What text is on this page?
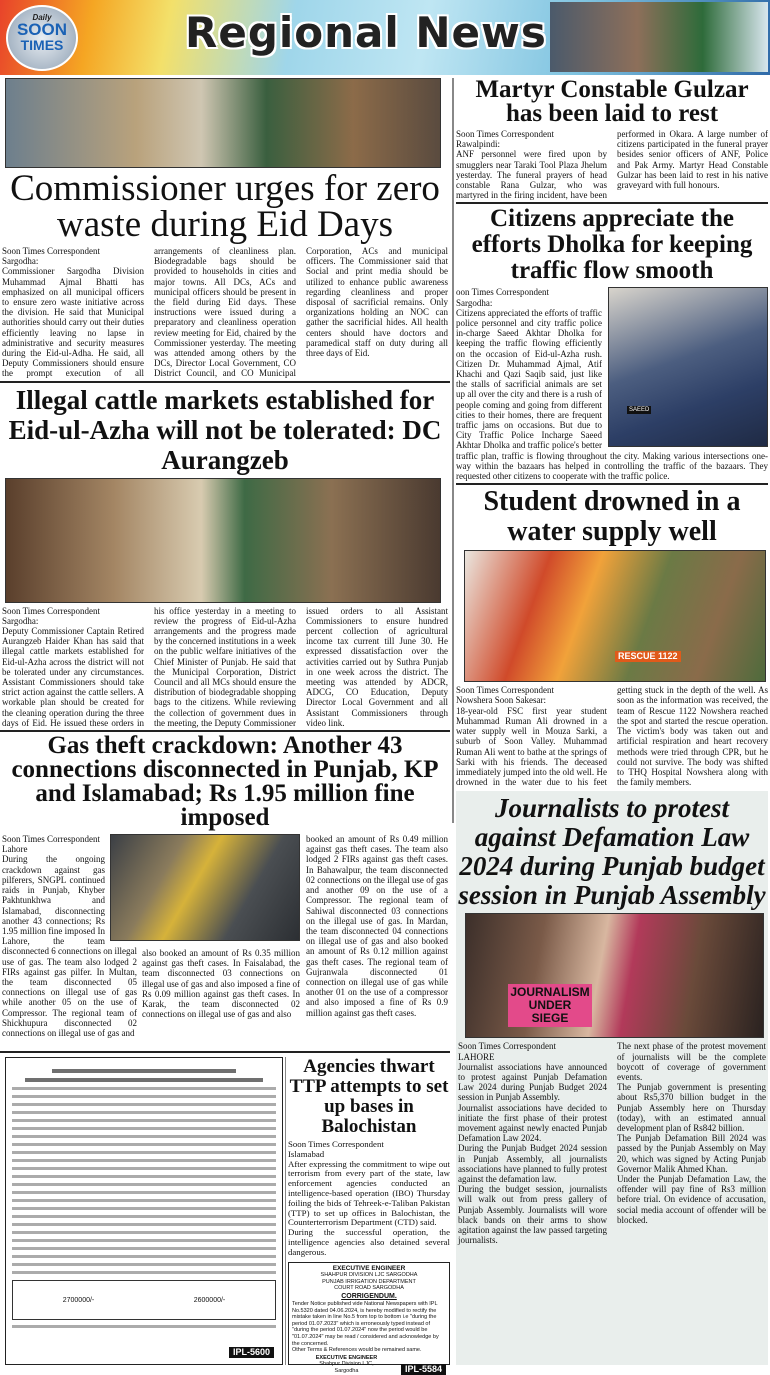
Daily
SOON
TIMES	Regional News
Commissioner urges for zero waste during Eid Days
Soon Times Correspondent
Sargodha:
Commissioner Sargodha Division Muhammad Ajmal Bhatti has emphasized on all municipal officers to ensure zero waste initiative across the division. He said that Municipal authorities should carry out their duties efficiently leaving no lapse in administrative and security measures during the Eid-ul-Adha. He said, all Deputy Commissioners should ensure the prompt execution of all arrangements of cleanliness plan. Biodegradable bags should be provided to households in cities and major towns. All DCs, ACs and municipal officers should be present in the field during Eid days. These instructions were issued during a preparatory and cleanliness operation review meeting for Eid, chaired by the Commissioner yesterday. The meeting was attended among others by the DCs, Director Local Government, CO District Council, and CO Municipal Corporation, ACs and municipal officers. The Commissioner said that Social and print media should be utilized to enhance public awareness regarding cleanliness and proper disposal of sacrificial remains. Only organizations holding an NOC can gather the sacrificial hides. All health centers should have doctors and paramedical staff on duty during all three days of Eid.
Illegal cattle markets established for Eid-ul-Azha will not be tolerated: DC Aurangzeb
Soon Times Correspondent
Sargodha:
Deputy Commissioner Captain Retired Aurangzeb Haider Khan has said that illegal cattle markets established for Eid-ul-Azha across the district will not be tolerated under any circumstances. Assistant Commissioners should take strict action against the cattle sellers. A workable plan should be created for the cleaning operation during the three days of Eid. He issued these orders in his office yesterday in a meeting to review the progress of Eid-ul-Azha arrangements and the progress made by the concerned institutions in a week on the public welfare initiatives of the Chief Minister of Punjab. He said that the Municipal Corporation, District Council and all MCs should ensure the distribution of biodegradable shopping bags to the citizens. While reviewing the collection of government dues in the meeting, the Deputy Commissioner issued orders to all Assistant Commissioners to ensure hundred percent collection of agricultural income tax current till June 30. He expressed dissatisfaction over the activities carried out by Suthra Punjab in one week across the district. The meeting was attended by ADCR, ADCG, CO Education, Deputy Director Local Government and all Assistant Commissioners through video link.
Gas theft crackdown: Another 43 connections disconnected in Punjab, KP and Islamabad; Rs 1.95 million fine imposed
Soon Times Correspondent
Lahore
During the ongoing crackdown against gas pilferers, SNGPL continued raids in Punjab, Khyber Pakhtunkhwa and Islamabad, disconnecting another 43 connections; Rs 1.95 million fine imposed In Lahore, the team disconnected 6 connections on illegal use of gas. The team also lodged 2 FIRs against gas pilfer. In Multan, the team disconnected 05 connections on illegal use of gas while another 05 on the use of Compressor. The regional team of Shickhupura disconnected 02 connections on illegal use of gas and
also booked an amount of Rs 0.35 million against gas theft cases. In Faisalabad, the team disconnected 03 connections on illegal use of gas and also imposed a fine of Rs 0.09 million against gas theft cases. In Karak, the team disconnected 02 connections on illegal use of gas and also
booked an amount of Rs 0.49 million against gas theft cases. The team also lodged 2 FIRs against gas theft cases. In Bahawalpur, the team disconnected 02 connections on the illegal use of gas and another 09 on the use of a Compressor. The regional team of Sahiwal disconnected 03 connections on the illegal use of gas. In Mardan, the team disconnected 04 connections on illegal use of gas and also booked an amount of Rs 0.12 million against gas theft cases. The regional team of Gujranwala disconnected 01 connection on illegal use of gas while another 01 on the use of a compressor and also imposed a fine of Rs 0.9 million against gas theft cases.
2700000/-	2600000/-
IPL-5600
Agencies thwart TTP attempts to set up bases in Balochistan
Soon Times Correspondent
Islamabad
After expressing the commitment to wipe out terrorism from every part of the state, law enforcement agencies conducted an intelligence-based operation (IBO) Thursday foiling the bids of Tehreek-e-Taliban Pakistan (TTP) to set up offices in Balochistan, the Counterterrorism Department (CTD) said.
During the successful operation, the intelligence agencies also detained several dangerous.
EXECUTIVE ENGINEER
SHAHPUR DIVISION LJC SARGODHA
PUNJAB IRRIGATION DEPARTMENT
COURT ROAD SARGODHA
CORRIGENDUM.
Tender Notice published vide National Newspapers with IPL No.5320 dated 04.06.2024, is hereby modified to rectify the mistake taken in line No.5 from top to bottom i.e "during the period 01.07.2023" which is erroneously typed instead of "during the period 01.07.2024" now the period would be "01.07.2024" may be read / considered and acknowledge by the concerned.
Other Terms & References would be remained same.
EXECUTIVE ENGINEER
Shahpur Division LJC,
Sargodha	IPL-5584
Martyr Constable Gulzar has been laid to rest
Soon Times Correspondent
Rawalpindi:
ANF personnel were fired upon by smugglers near Taraki Tool Plaza Jhelum yesterday. The funeral prayers of head constable Rana Gulzar, who was martyred in the firing incident, have been performed in Okara. A large number of citizens participated in the funeral prayer besides senior officers of ANF, Police and Pak Army. Martyr Head Constable Gulzar has been laid to rest in his native graveyard with full honours.
Citizens appreciate the efforts Dholka for keeping traffic flow smooth
SAEED
oon Times Correspondent
Sargodha:
Citizens appreciated the efforts of traffic police personnel and city traffic police in-charge Saeed Akhtar Dholka for keeping the traffic flowing efficiently on the occasion of Eid-ul-Azha rush. Citizen Dr. Muhammad Ajmal, Atif Khachi and Qazi Saqib said, just like the stalls of sacrificial animals are set up all over the city and there is a rush of people coming and going from different cities to their homes, there are frequent traffic jams on occasions. But due to City Traffic Police Incharge Saeed Akhtar Dholka and traffic police's better traffic plan, traffic is flowing throughout the city. Making various intersections one-way within the bazaars has helped in controlling the traffic of the bazaars. They requested other citizens to cooperate with the traffic police.
Student drowned in a water supply well
RESCUE 1122
Soon Times Correspondent
Nowshera Soon Sakesar:
18-year-old FSC first year student Muhammad Ruman Ali drowned in a water supply well in Mouza Sarki, a suburb of Soon Valley. Muhammad Ruman Ali went to bathe at the springs of Sarki with his friends. The deceased immediately jumped into the old well. He drowned in the water due to his feet getting stuck in the depth of the well. As soon as the information was received, the team of Rescue 1122 Nowshera reached the spot and started the rescue operation. The victim's body was taken out and artificial respiration and heart recovery methods were tried through CPR, but he could not survive. The body was shifted to THQ Hospital Nowshera along with the family members.
Journalists to protest against Defamation Law 2024 during Punjab budget session in Punjab Assembly
JOURNALISM UNDER SIEGE
Soon Times Correspondent
LAHORE
Journalist associations have announced to protest against Punjab Defamation Law 2024 during Punjab Budget 2024 session in Punjab Assembly.
Journalist associations have decided to initiate the first phase of their protest movement against newly enacted Punjab Defamation Law 2024.
During the Punjab Budget 2024 session in Punjab Assembly, all journalists associations have planned to fully protest against the defamation law.
During the budget session, journalists will walk out from press gallery of Punjab Assembly. Journalists will wore black bands on their arms to show agitation against the law passed targeting journalists.
The next phase of the protest movement of journalists will be the complete boycott of coverage of government events.
The Punjab government is presenting about Rs5,370 billion budget in the Punjab Assembly here on Thursday (today), with an estimated annual development plan of Rs842 billion.
The Punjab Defamation Bill 2024 was passed by the Punjab Assembly on May 20, which was signed by Acting Punjab Governor Malik Ahmed Khan.
Under the Punjab Defamation Law, the offender will pay fine of Rs3 million before trial. On evidence of accusation, social media account of offender will be blocked.
